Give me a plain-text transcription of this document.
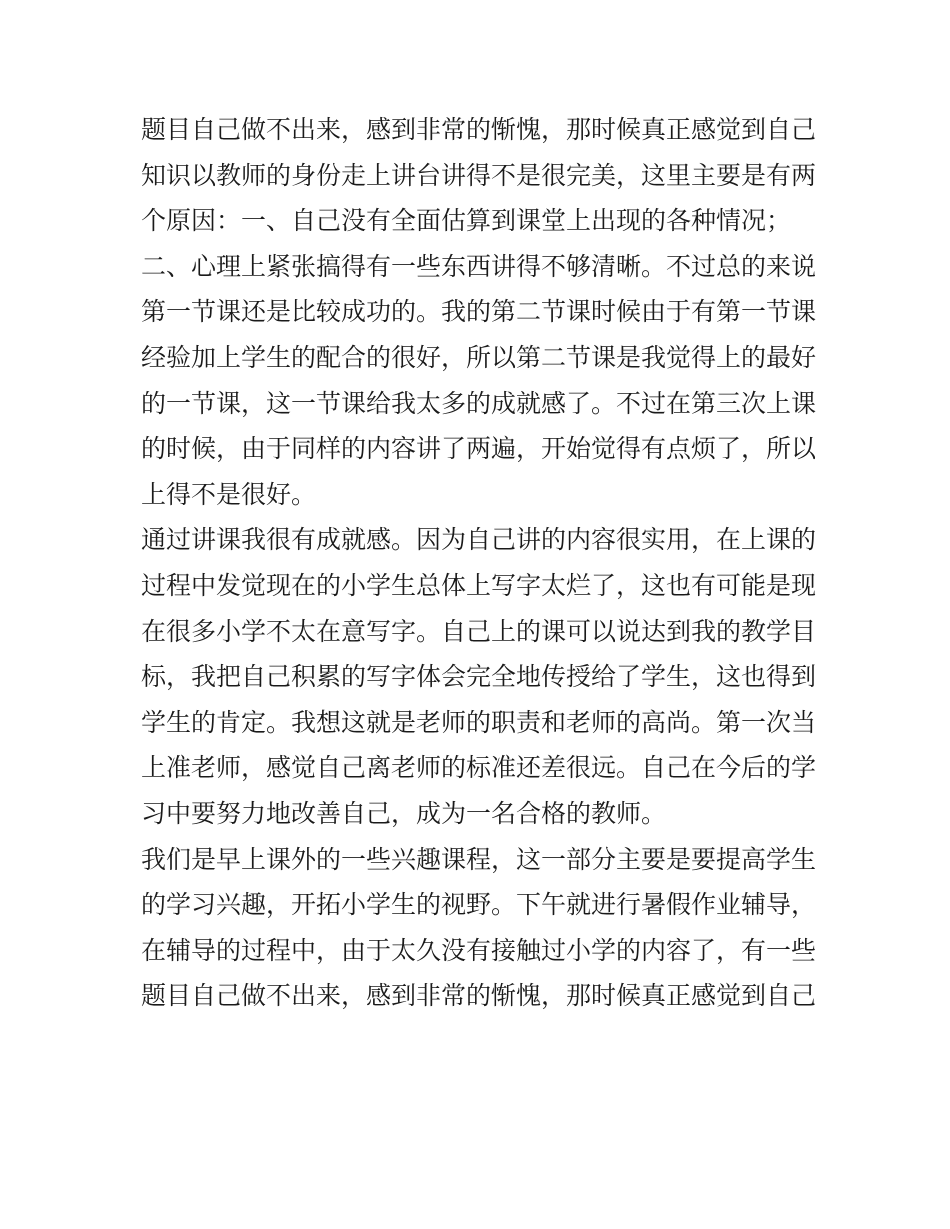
题目自己做不出来，感到非常的惭愧，那时候真正感觉到自己
知识以教师的身份走上讲台讲得不是很完美，这里主要是有两
个原因：一、自己没有全面估算到课堂上出现的各种情况；
二、心理上紧张搞得有一些东西讲得不够清晰。不过总的来说
第一节课还是比较成功的。我的第二节课时候由于有第一节课
经验加上学生的配合的很好，所以第二节课是我觉得上的最好
的一节课，这一节课给我太多的成就感了。不过在第三次上课
的时候，由于同样的内容讲了两遍，开始觉得有点烦了，所以
上得不是很好。
通过讲课我很有成就感。因为自己讲的内容很实用，在上课的
过程中发觉现在的小学生总体上写字太烂了，这也有可能是现
在很多小学不太在意写字。自己上的课可以说达到我的教学目
标，我把自己积累的写字体会完全地传授给了学生，这也得到
学生的肯定。我想这就是老师的职责和老师的高尚。第一次当
上准老师，感觉自己离老师的标准还差很远。自己在今后的学
习中要努力地改善自己，成为一名合格的教师。
我们是早上课外的一些兴趣课程，这一部分主要是要提高学生
的学习兴趣，开拓小学生的视野。下午就进行暑假作业辅导，
在辅导的过程中，由于太久没有接触过小学的内容了，有一些
题目自己做不出来，感到非常的惭愧，那时候真正感觉到自己
